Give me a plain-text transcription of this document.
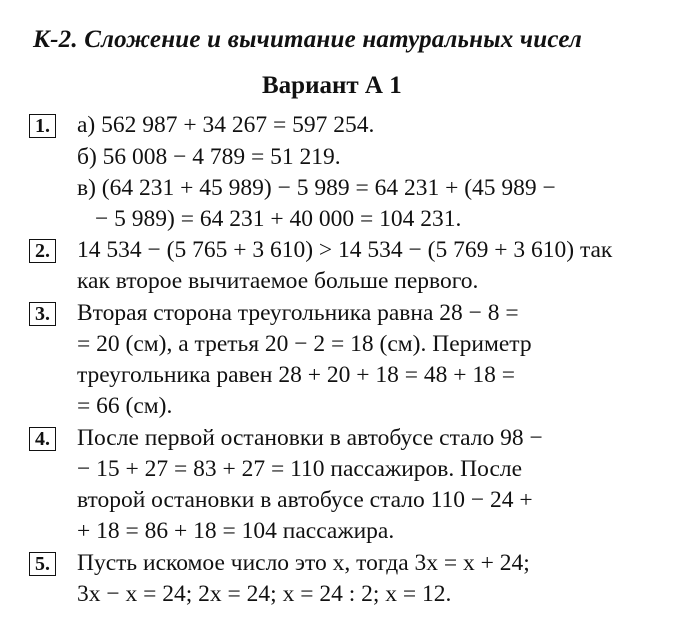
К-2. Сложение и вычитание натуральных чисел
Вариант А 1
1. а) 562 987 + 34 267 = 597 254.
б) 56 008 − 4 789 = 51 219.
в) (64 231 + 45 989) − 5 989 = 64 231 + (45 989 −
− 5 989) = 64 231 + 40 000 = 104 231.
2. 14 534 − (5 765 + 3 610) > 14 534 − (5 769 + 3 610) так
как второе вычитаемое больше первого.
3. Вторая сторона треугольника равна 28 − 8 =
= 20 (см), а третья 20 − 2 = 18 (см). Периметр
треугольника равен 28 + 20 + 18 = 48 + 18 =
= 66 (см).
4. После первой остановки в автобусе стало 98 −
− 15 + 27 = 83 + 27 = 110 пассажиров. После
второй остановки в автобусе стало 110 − 24 +
+ 18 = 86 + 18 = 104 пассажира.
5. Пусть искомое число это x, тогда 3x = x + 24;
3x − x = 24; 2x = 24; x = 24 : 2; x = 12.
